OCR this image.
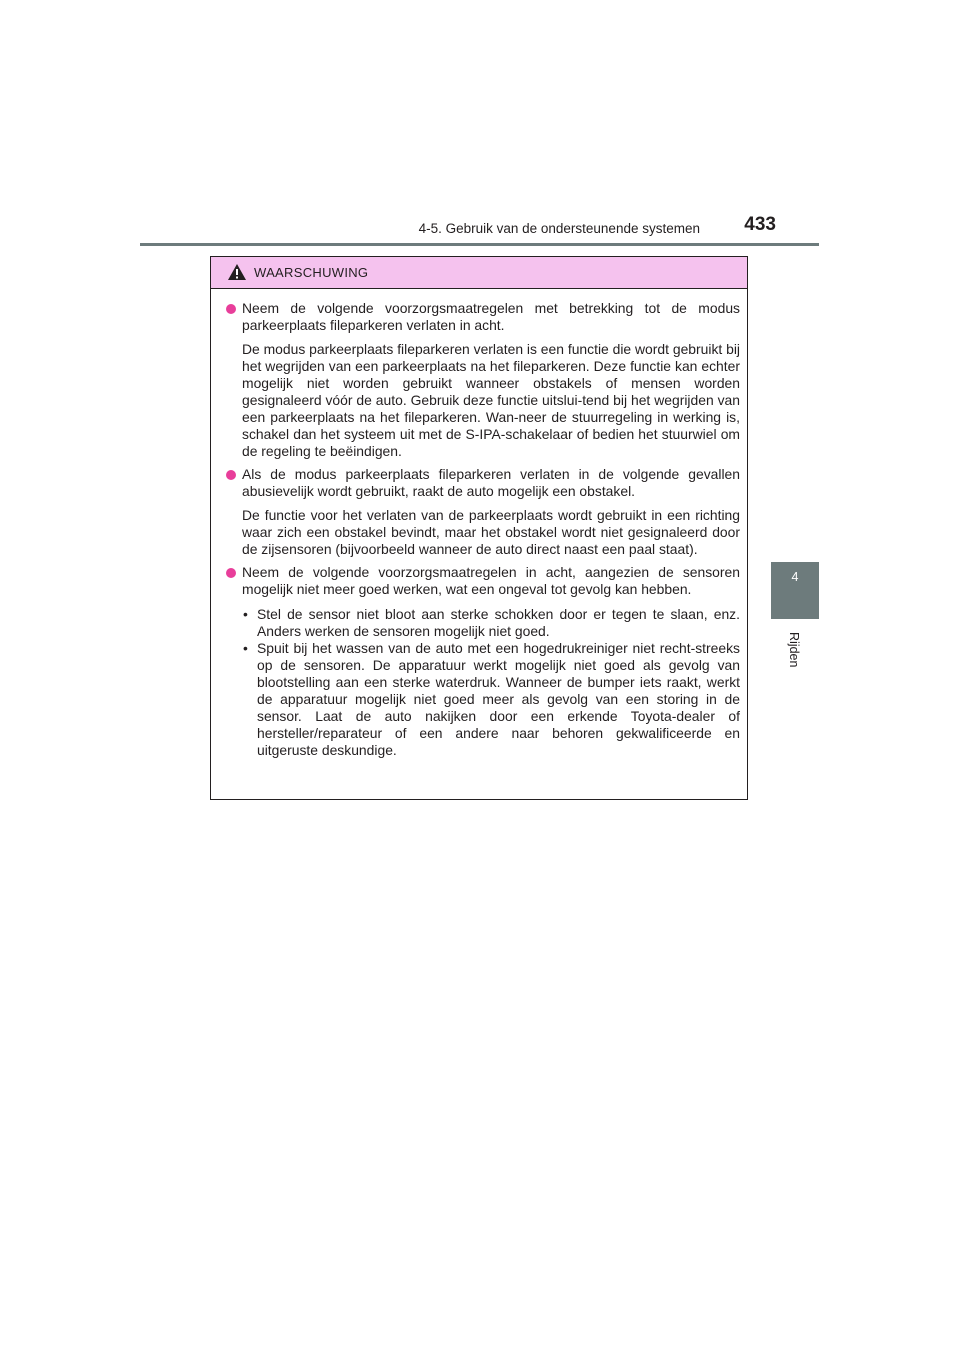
4-5. Gebruik van de ondersteunende systemen	433
4
Rijden
WAARSCHUWING

Neem de volgende voorzorgsmaatregelen met betrekking tot de modus parkeerplaats fileparkeren verlaten in acht.

De modus parkeerplaats fileparkeren verlaten is een functie die wordt gebruikt bij het wegrijden van een parkeerplaats na het fileparkeren. Deze functie kan echter mogelijk niet worden gebruikt wanneer obstakels of mensen worden gesignaleerd vóór de auto. Gebruik deze functie uitslui-tend bij het wegrijden van een parkeerplaats na het fileparkeren. Wan-neer de stuurregeling in werking is, schakel dan het systeem uit met de S-IPA-schakelaar of bedien het stuurwiel om de regeling te beëindigen.

Als de modus parkeerplaats fileparkeren verlaten in de volgende gevallen abusievelijk wordt gebruikt, raakt de auto mogelijk een obstakel.

De functie voor het verlaten van de parkeerplaats wordt gebruikt in een richting waar zich een obstakel bevindt, maar het obstakel wordt niet gesignaleerd door de zijsensoren (bijvoorbeeld wanneer de auto direct naast een paal staat).

Neem de volgende voorzorgsmaatregelen in acht, aangezien de sensoren mogelijk niet meer goed werken, wat een ongeval tot gevolg kan hebben.

• Stel de sensor niet bloot aan sterke schokken door er tegen te slaan, enz. Anders werken de sensoren mogelijk niet goed.
• Spuit bij het wassen van de auto met een hogedrukreiniger niet recht-streeks op de sensoren. De apparatuur werkt mogelijk niet goed als gevolg van blootstelling aan een sterke waterdruk. Wanneer de bumper iets raakt, werkt de apparatuur mogelijk niet goed meer als gevolg van een storing in de sensor. Laat de auto nakijken door een erkende Toyota-dealer of hersteller/reparateur of een andere naar behoren gekwalificeerde en uitgeruste deskundige.
